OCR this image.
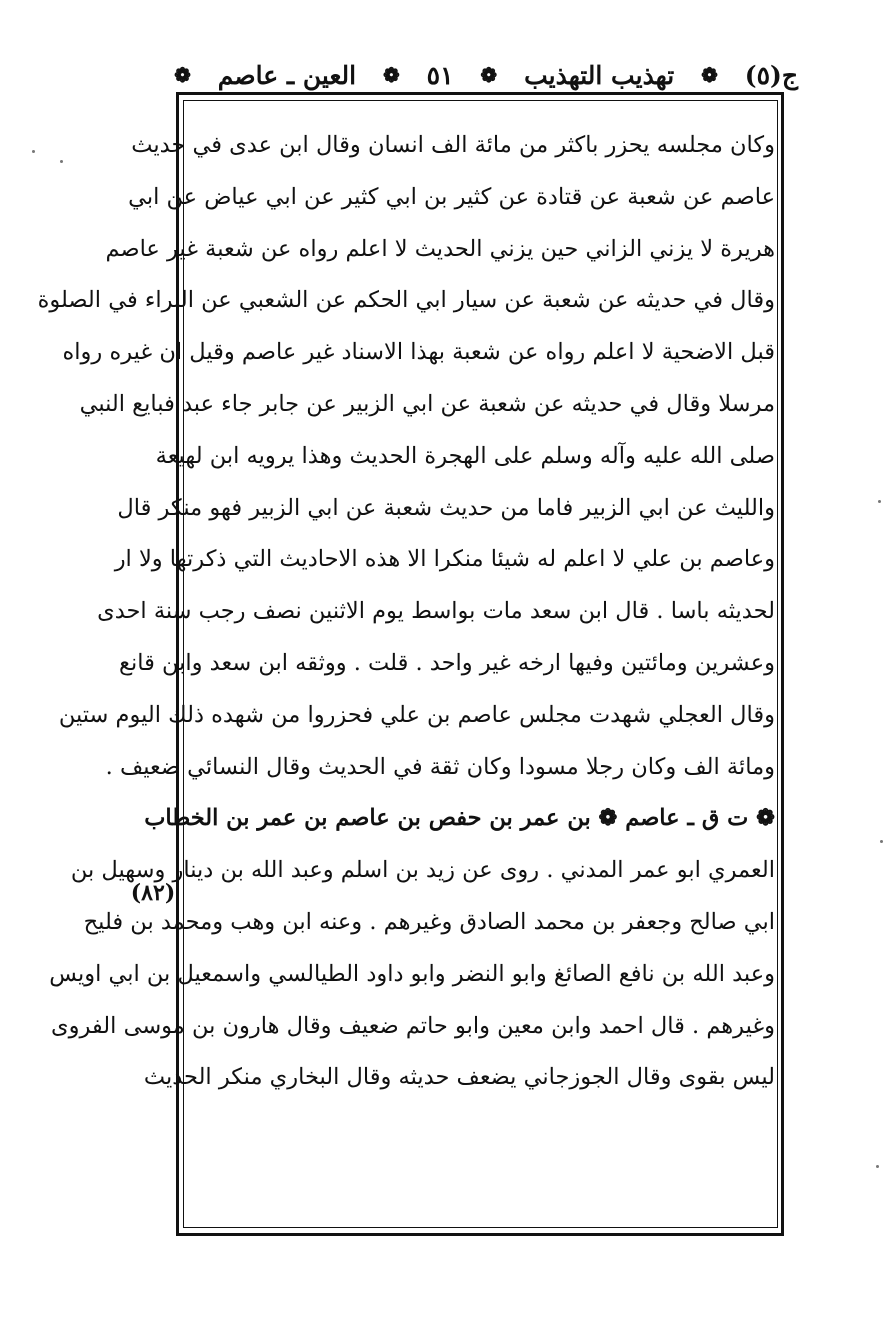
ج(٥)
❁
تهذيب التهذيب
❁
٥١
❁
العين ـ عاصم
❁
وكان مجلسه يحزر باكثر من مائة الف انسان وقال ابن عدى في حديث
عاصم عن شعبة عن قتادة عن كثير بن ابي كثير عن ابي عياض عن ابي
هريرة لا يزني الزاني حين يزني الحديث لا اعلم رواه عن شعبة غير عاصم
وقال في حديثه عن شعبة عن سيار ابي الحكم عن الشعبي عن البراء في الصلوة
قبل الاضحية لا اعلم رواه عن شعبة بهذا الاسناد غير عاصم وقيل ان غيره رواه
مرسلا وقال في حديثه عن شعبة عن ابي الزبير عن جابر جاء عبد فبايع النبي
صلى الله عليه وآله وسلم على الهجرة الحديث وهذا يرويه ابن لهيعة
والليث عن ابي الزبير فاما من حديث شعبة عن ابي الزبير فهو منكر قال
وعاصم بن علي لا اعلم له شيئا منكرا الا هذه الاحاديث التي ذكرتها ولا ار
لحديثه باسا . قال ابن سعد مات بواسط يوم الاثنين نصف رجب سنة احدى
وعشرين ومائتين وفيها ارخه غير واحد . قلت . ووثقه ابن سعد وابن قانع
وقال العجلي شهدت مجلس عاصم بن علي فحزروا من شهده ذلك اليوم ستين
ومائة الف وكان رجلا مسودا وكان ثقة في الحديث وقال النسائي ضعيف .
❁ ت ق ـ عاصم ❁ بن عمر بن حفص بن عاصم بن عمر بن الخطاب
العمري ابو عمر المدني . روى عن زيد بن اسلم وعبد الله بن دينار وسهيل بن
ابي صالح وجعفر بن محمد الصادق وغيرهم . وعنه ابن وهب ومحمد بن فليح
وعبد الله بن نافع الصائغ وابو النضر وابو داود الطيالسي واسمعيل بن ابي اويس
وغيرهم . قال احمد وابن معين وابو حاتم ضعيف وقال هارون بن موسى الفروى
ليس بقوى وقال الجوزجاني يضعف حديثه وقال البخاري منكر الحديث
(٨٢)
